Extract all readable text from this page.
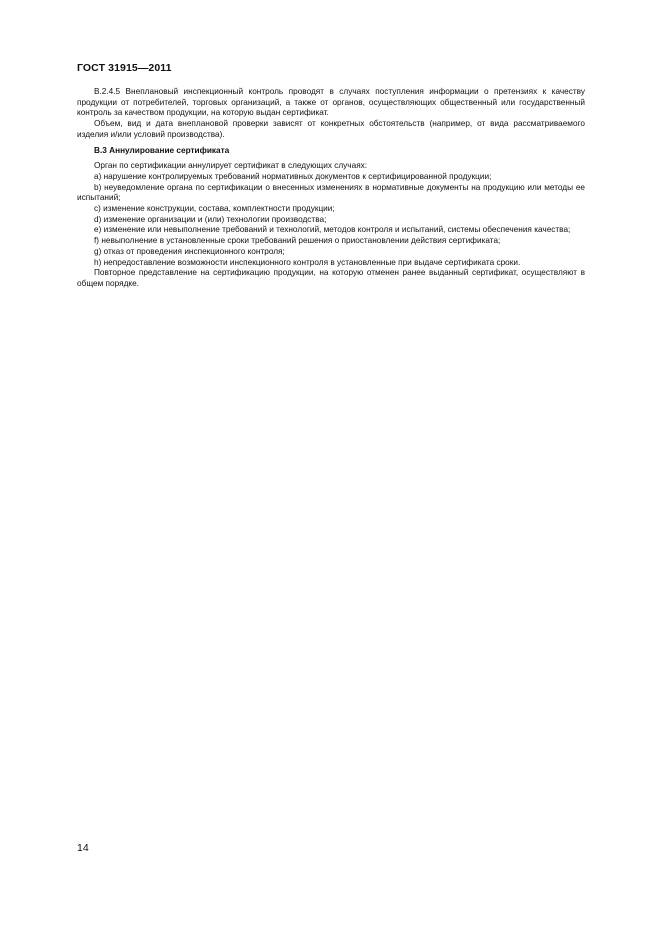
ГОСТ 31915—2011

В.2.4.5 Внеплановый инспекционный контроль проводят в случаях поступления информации о претензиях к качеству продукции от потребителей, торговых организаций, а также от органов, осуществляющих общественный или государственный контроль за качеством продукции, на которую выдан сертификат.

Объем, вид и дата внеплановой проверки зависят от конкретных обстоятельств (например, от вида рассматриваемого изделия и/или условий производства).

В.3 Аннулирование сертификата

Орган по сертификации аннулирует сертификат в следующих случаях:

а) нарушение контролируемых требований нормативных документов к сертифицированной продукции;

b) неуведомление органа по сертификации о внесенных изменениях в нормативные документы на продукцию или методы ее испытаний;

c) изменение конструкции, состава, комплектности продукции;

d) изменение организации и (или) технологии производства;

e) изменение или невыполнение требований и технологий, методов контроля и испытаний, системы обеспечения качества;

f) невыполнение в установленные сроки требований решения о приостановлении действия сертификата;

g) отказ от проведения инспекционного контроля;

h) непредоставление возможности инспекционного контроля в установленные при выдаче сертификата сроки.

Повторное представление на сертификацию продукции, на которую отменен ранее выданный сертификат, осуществляют в общем порядке.

14
